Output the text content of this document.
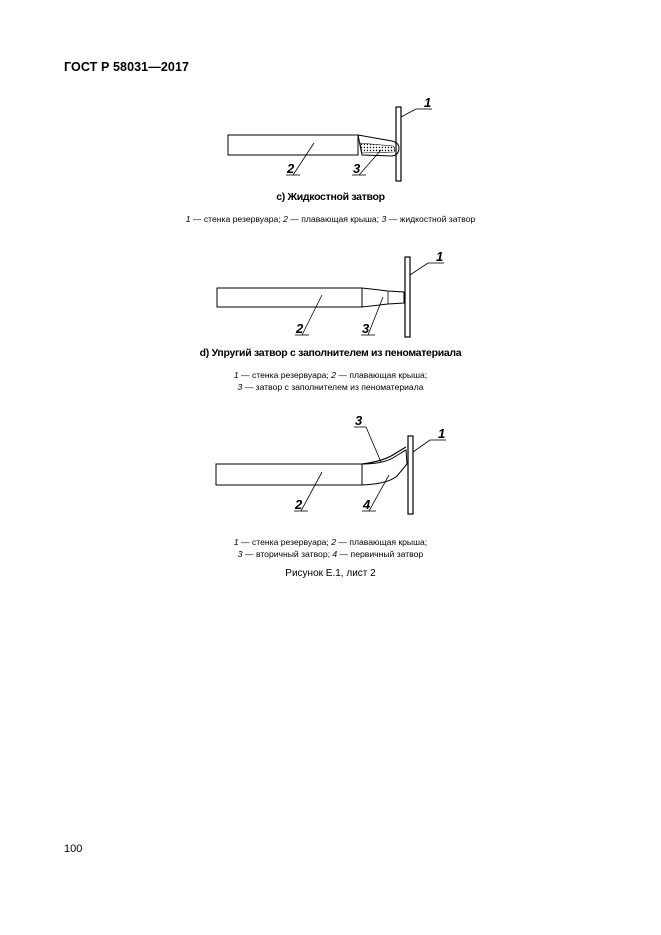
ГОСТ Р 58031—2017
1
2	3
c) Жидкостной затвор
1 — стенка резервуара; 2 — плавающая крыша; 3 — жидкостной затвор
1
2	3
d) Упругий затвор с заполнителем из пеноматериала
1 — стенка резервуара; 2 — плавающая крыша;
3 — затвор с заполнителем из пеноматериала
1
2
3
4
1 — стенка резервуара; 2 — плавающая крыша;
3 — вторичный затвор; 4 — первичный затвор
Рисунок Е.1, лист 2
100
